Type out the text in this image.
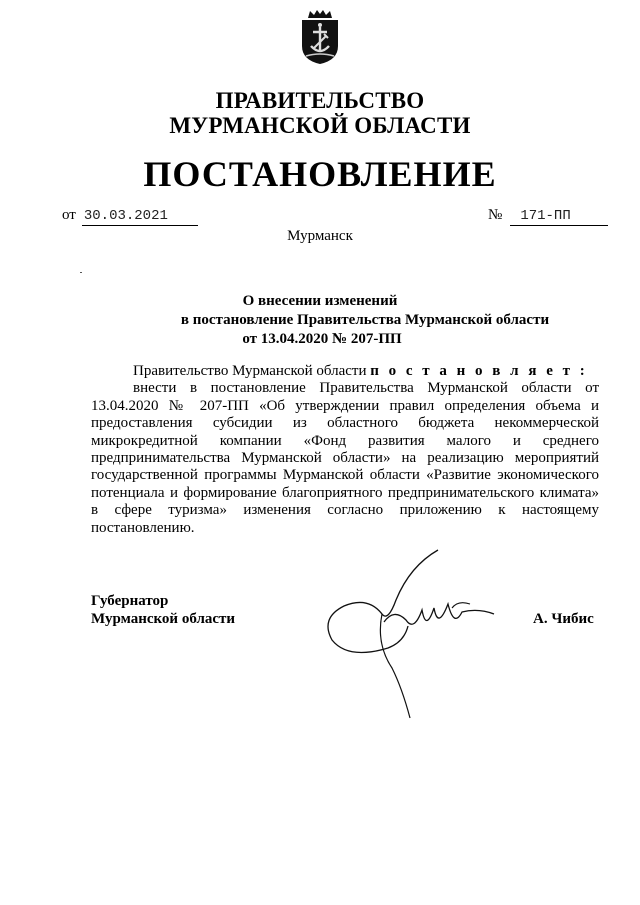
ПРАВИТЕЛЬСТВО
МУРМАНСКОЙ ОБЛАСТИ
ПОСТАНОВЛЕНИЕ
от 30.03.2021	№ 171-ПП
Мурманск
О внесении изменений
в постановление Правительства Мурманской области
от 13.04.2020 № 207-ПП

Правительство Мурманской области п о с т а н о в л я е т :

внести в постановление Правительства Мурманской области от 13.04.2020 № 207-ПП «Об утверждении правил определения объема и предоставления субсидии из областного бюджета некоммерческой микрокредитной компании «Фонд развития малого и среднего предпринимательства Мурманской области» на реализацию мероприятий государственной программы Мурманской области «Развитие экономического потенциала и формирование благоприятного предпринимательского климата» в сфере туризма» изменения согласно приложению к настоящему постановлению.

Губернатор
Мурманской области	А. Чибис
